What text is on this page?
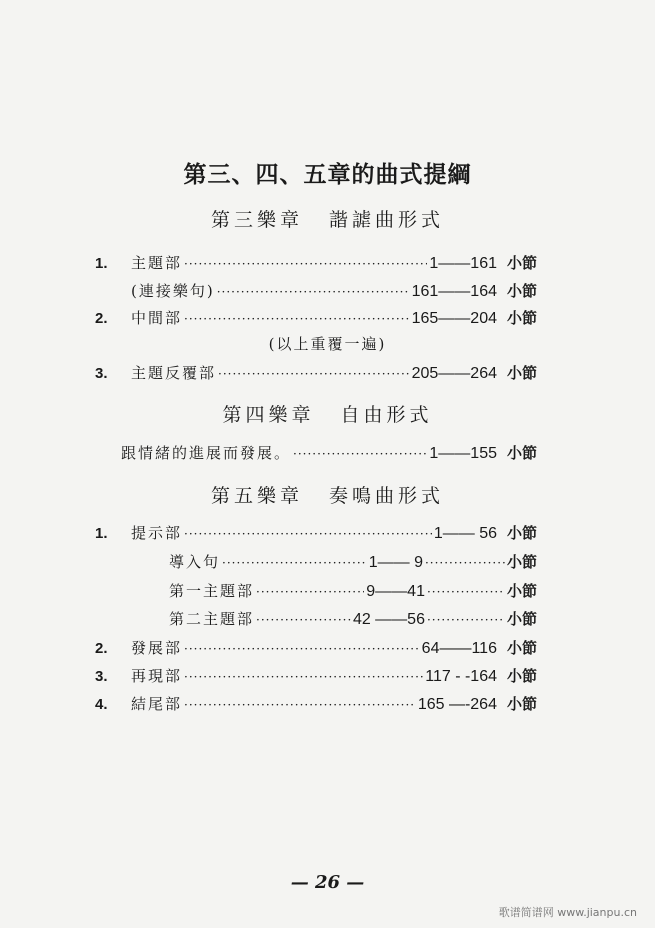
第三、四、五章的曲式提綱
第三樂章 諧謔曲形式
1.	主題部 ·····	1——161 小節
(連接樂句) ·····	161——164 小節
2.	中間部 ·····	165——204 小節
(以上重覆一遍)
3.	主題反覆部 ·····	205——264 小節
第四樂章 自由形式
跟情緒的進展而發展。 ·····	1——155 小節
第五樂章 奏鳴曲形式
1.	提示部 ·····	1—— 56 小節
導入句 ·····	1—— 9 ·····	小節
第一主題部 ·····	9——41 ·····	小節
第二主題部 ·····	42 ——56 ·····	小節
2.	發展部 ·····	64——116 小節
3.	再現部 ·····	117 - -164 小節
4.	結尾部 ·····	165 —-264 小節
— 26 —
歌谱简谱网 www.jianpu.cn
